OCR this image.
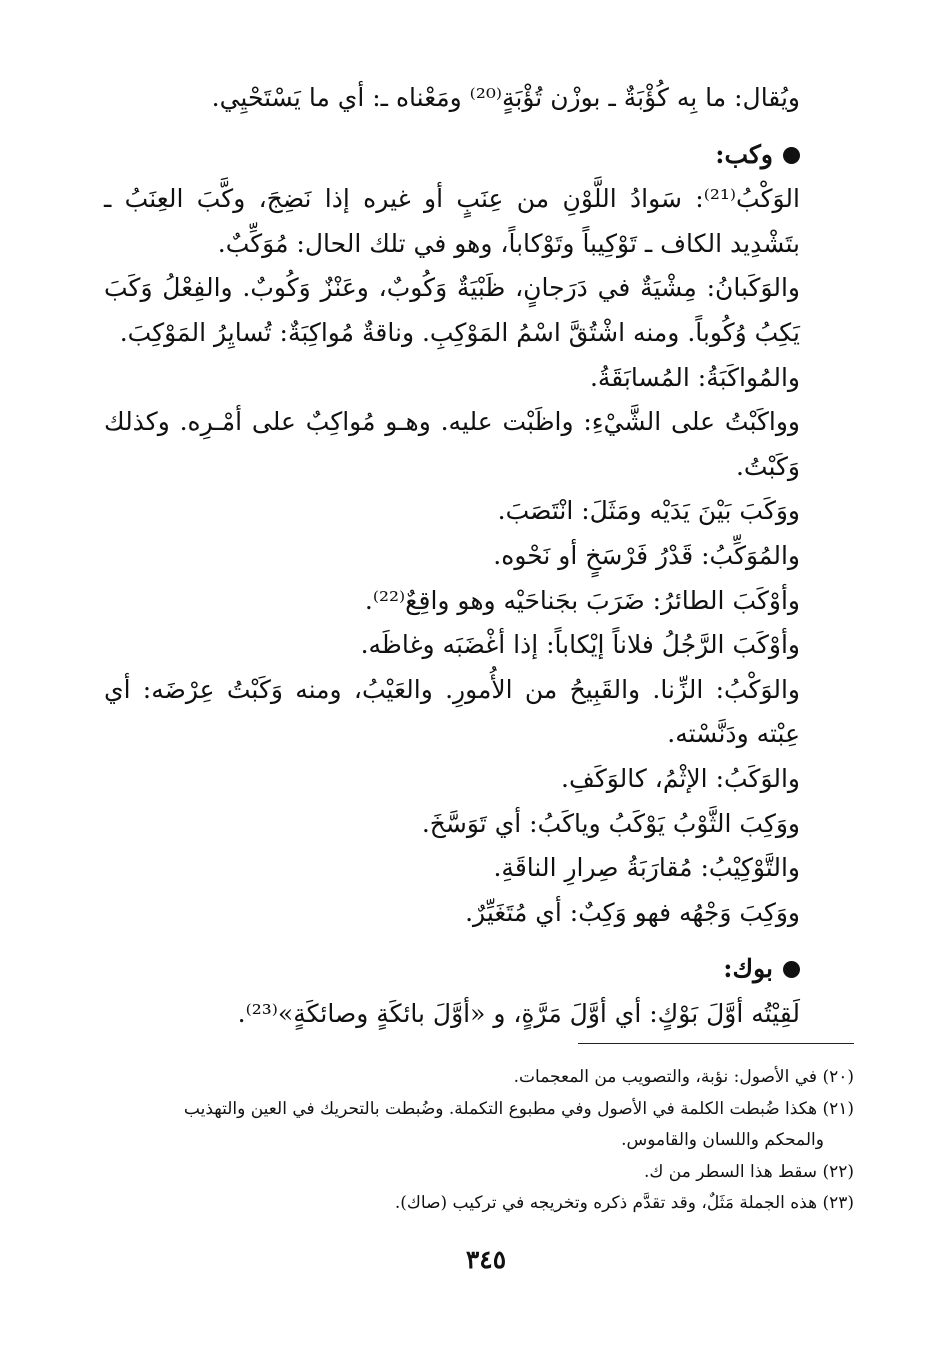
ويُقال: ما بِه كُؤْبَةٌ ـ بوزْن تُؤْبَةٍ⁽²⁰⁾ ومَعْناه ـ: أي ما يَسْتَحْيِي.

وكب:

الوَكْبُ⁽²¹⁾: سَوادُ اللَّوْنِ من عِنَبٍ أو غيره إذا نَضِجَ، وكَّبَ العِنَبُ ـ بتَشْدِيد الكاف ـ تَوْكِيباً وتَوْكاباً، وهو في تلك الحال: مُوَكِّبٌ.

والوَكَبانُ: مِشْيَةٌ في دَرَجانٍ، ظَبْيَةٌ وَكُوبٌ، وعَنْزٌ وَكُوبٌ. والفِعْلُ وَكَبَ يَكِبُ وُكُوباً. ومنه اشْتُقَّ اسْمُ المَوْكِبِ. وناقةٌ مُواكِبَةٌ: تُسايِرُ المَوْكِبَ.

والمُواكَبَةُ: المُسابَقَةُ.

وواكَبْتُ على الشَّيْءِ: واظَبْت عليه. وهـو مُواكِبٌ على أمْـرِه. وكذلك وَكَبْتُ.

ووَكَبَ بَيْنَ يَدَيْه ومَثَلَ: انْتَصَبَ.

والمُوَكِّبُ: قَدْرُ فَرْسَخٍ أو نَحْوه.

وأوْكَبَ الطائرُ: ضَرَبَ بجَناحَيْه وهو واقِعٌ⁽²²⁾.

وأوْكَبَ الرَّجُلُ فلاناً إيْكاباً: إذا أغْضَبَه وغاظَه.

والوَكْبُ: الزِّنا. والقَبِيحُ من الأُمورِ. والعَيْبُ، ومنه وَكَبْتُ عِرْضَه: أي عِبْته ودَنَّسْته.

والوَكَبُ: الإثْمُ، كالوَكَفِ.

ووَكِبَ الثَّوْبُ يَوْكَبُ وياكَبُ: أي تَوَسَّخَ.

والتَّوْكِيْبُ: مُقارَبَةُ صِرارِ الناقَةِ.

ووَكِبَ وَجْهُه فهو وَكِبٌ: أي مُتَغَيِّرٌ.

بوك:

لَقِيْتُه أوَّلَ بَوْكٍ: أي أوَّلَ مَرَّةٍ، و «أوَّلَ بائكَةٍ وصائكَةٍ»⁽²³⁾.

(٢٠) في الأصول: نؤبة، والتصويب من المعجمات.

(٢١) هكذا ضُبطت الكلمة في الأصول وفي مطبوع التكملة. وضُبطت بالتحريك في العين والتهذيب

والمحكم واللسان والقاموس.

(٢٢) سقط هذا السطر من ك.

(٢٣) هذه الجملة مَثَلٌ، وقد تقدَّم ذكره وتخريجه في تركيب (صاك).

٣٤٥
